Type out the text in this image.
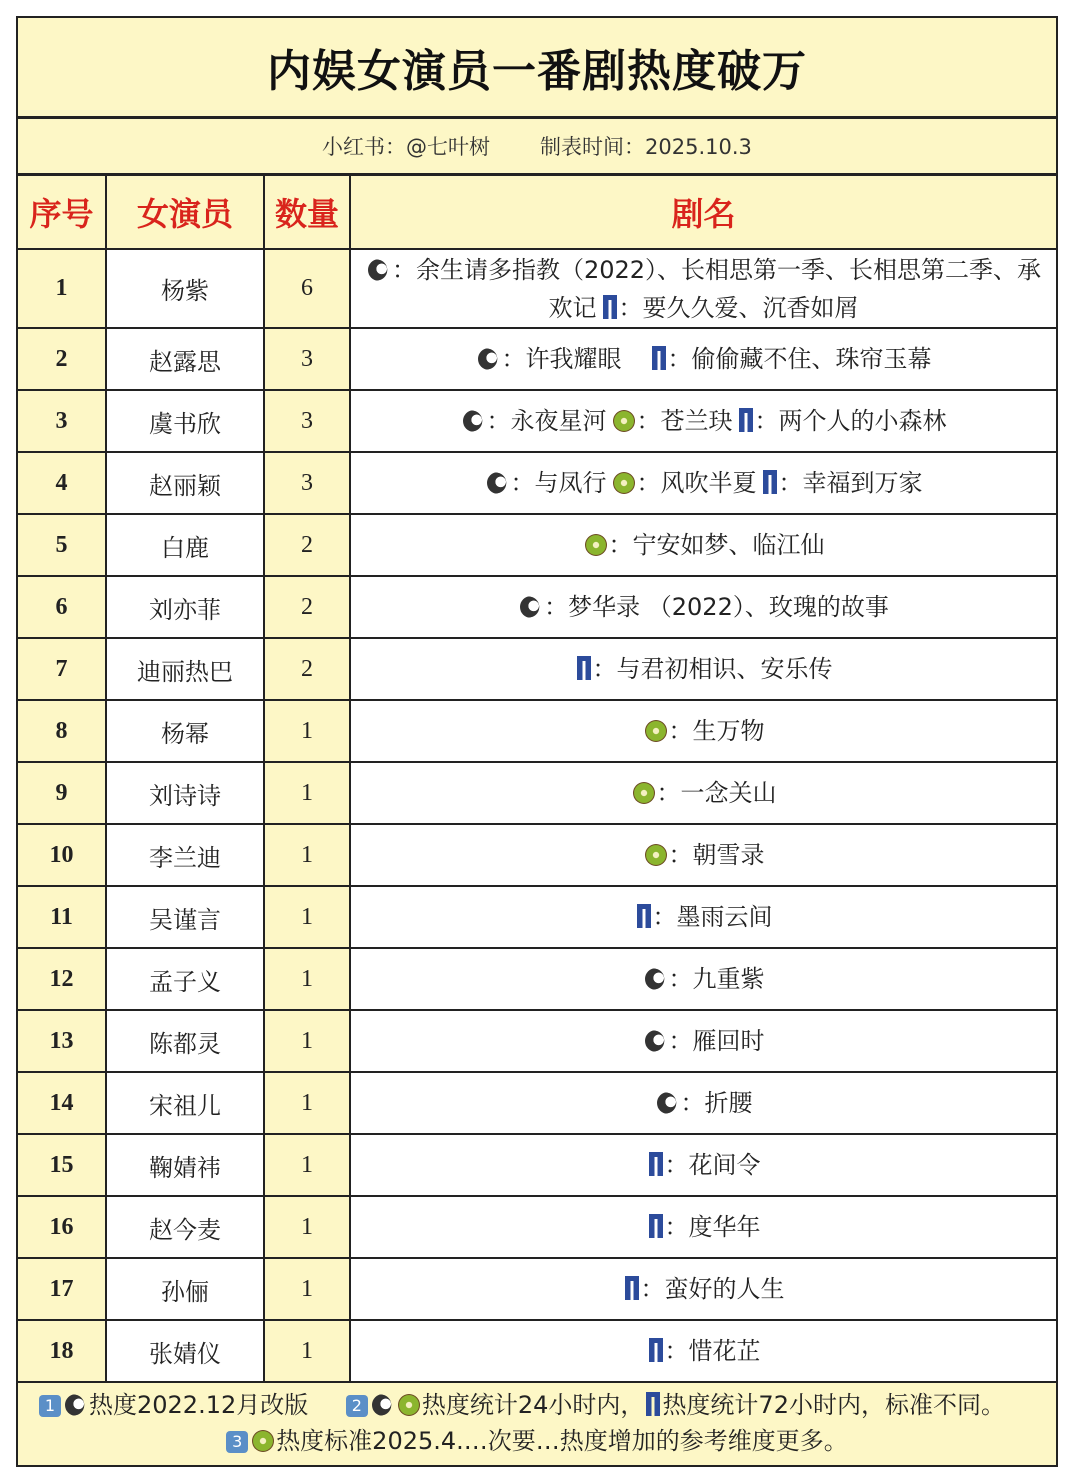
内娱女演员一番剧热度破万
小红书：@七叶树 制表时间：2025.10.3
序号	女演员	数量	剧名
1	杨紫	6	：余生请多指教（2022）、长相思第一季、长相思第二季、承欢记 ：要久久爱、沉香如屑
2	赵露思	3	：许我耀眼 ：偷偷藏不住、珠帘玉幕
3	虞书欣	3	：永夜星河 ：苍兰玦 ：两个人的小森林
4	赵丽颖	3	：与凤行 ：风吹半夏 ：幸福到万家
5	白鹿	2	：宁安如梦、临江仙
6	刘亦菲	2	：梦华录 （2022）、玫瑰的故事
7	迪丽热巴	2	：与君初相识、安乐传
8	杨幂	1	：生万物
9	刘诗诗	1	：一念关山
10	李兰迪	1	：朝雪录
11	吴谨言	1	：墨雨云间
12	孟子义	1	：九重紫
13	陈都灵	1	：雁回时
14	宋祖儿	1	：折腰
15	鞠婧祎	1	：花间令
16	赵今麦	1	：度华年
17	孙俪	1	：蛮好的人生
18	张婧仪	1	：惜花芷
1 热度2022.12月改版	2 热度统计24小时内， 热度统计72小时内，标准不同。 3 热度标准2025.4.…次要…热度增加的参考维度更多。
